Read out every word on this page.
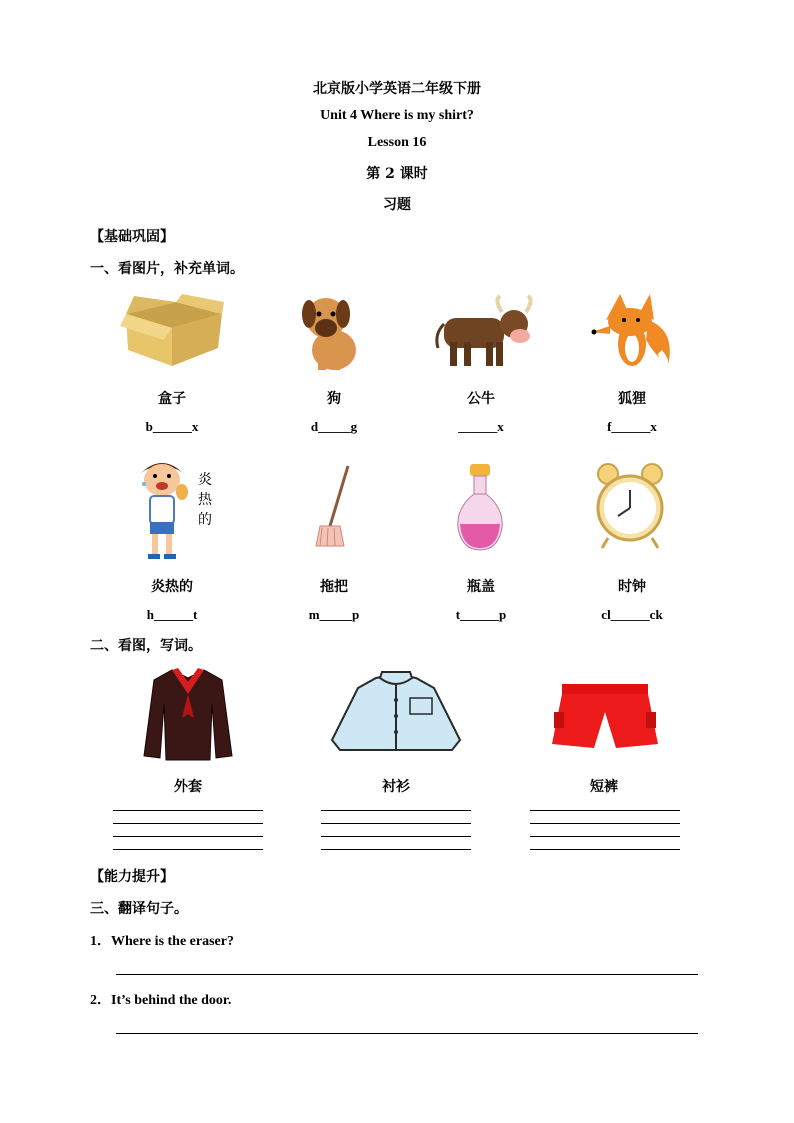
北京版小学英语二年级下册
Unit 4 Where is my shirt?
Lesson 16
第 2 课时
习题
【基础巩固】
一、看图片，补充单词。
盒子	狗	公牛	狐狸
b______x	d_____g	______x	f______x
炎热的
炎热的	拖把	瓶盖	时钟
h______t	m_____p	t______p	cl______ck
二、看图，写词。
外套	衬衫	短裤
【能力提升】
三、翻译句子。
1．Where is the eraser?
2．It’s behind the door.
